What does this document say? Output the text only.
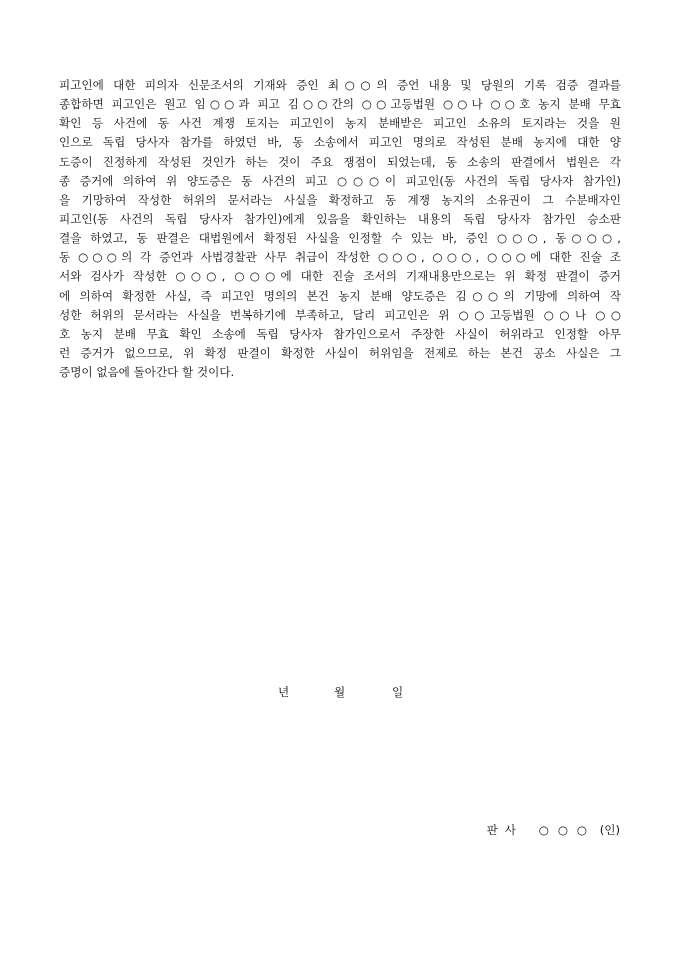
피고인에 대한 피의자 신문조서의 기재와 증인 최○○의 증언 내용 및 당원의 기록 검증 결과를
종합하면 피고인은 원고 임○○과 피고 김○○간의 ○○고등법원 ○○나 ○○호 농지 분배 무효
확인 등 사건에 동 사건 계쟁 토지는 피고인이 농지 분배받은 피고인 소유의 토지라는 것을 원
인으로 독립 당사자 참가를 하였던 바, 동 소송에서 피고인 명의로 작성된 분배 농지에 대한 양
도증이 진정하게 작성된 것인가 하는 것이 주요 쟁점이 되었는데, 동 소송의 판결에서 법원은 각
종 증거에 의하여 위 양도증은 동 사건의 피고 ○○○이 피고인(동 사건의 독립 당사자 참가인)
을 기망하여 작성한 허위의 문서라는 사실을 확정하고 동 계쟁 농지의 소유권이 그 수분배자인
피고인(동 사건의 독립 당사자 참가인)에게 있음을 확인하는 내용의 독립 당사자 참가인 승소판
결을 하였고, 동 판결은 대법원에서 확정된 사실을 인정할 수 있는 바, 증인 ○○○, 동○○○,
동 ○○○의 각 증언과 사법경찰관 사무 취급이 작성한 ○○○, ○○○, ○○○에 대한 진술 조
서와 검사가 작성한 ○○○, ○○○에 대한 진술 조서의 기재내용만으로는 위 확정 판결이 증거
에 의하여 확정한 사실, 즉 피고인 명의의 본건 농지 분배 양도증은 김○○의 기망에 의하여 작
성한 허위의 문서라는 사실을 번복하기에 부족하고, 달리 피고인은 위 ○○고등법원 ○○나 ○○
호 농지 분배 무효 확인 소송에 독립 당사자 참가인으로서 주장한 사실이 허위라고 인정할 아무
런 증거가 없으므로, 위 확정 판결이 확정한 사실이 허위임을 전제로 하는 본건 공소 사실은 그
증명이 없음에 돌아간다 할 것이다.
년	월	일
판사 ○○○ (인)
